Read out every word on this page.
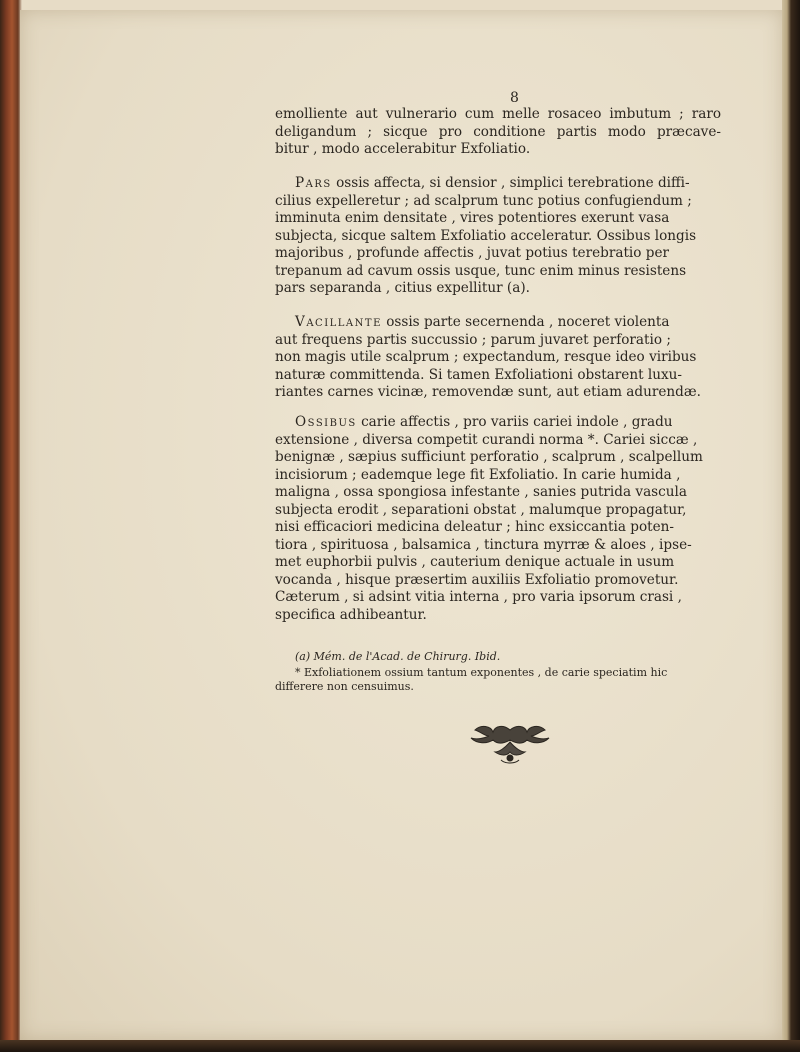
8
emolliente aut vulnerario cum melle rosaceo imbutum ; raro
deligandum ; sicque pro conditione partis modo præcave-
bitur , modo accelerabitur Exfoliatio.
Pars ossis affecta, si densior , simplici terebratione diffi-
cilius expelleretur ; ad scalprum tunc potius confugiendum ;
imminuta enim densitate , vires potentiores exerunt vasa
subjecta, sicque saltem Exfoliatio acceleratur. Ossibus longis
majoribus , profunde affectis , juvat potius terebratio per
trepanum ad cavum ossis usque, tunc enim minus resistens
pars separanda , citius expellitur (a).
Vacillante ossis parte secernenda , noceret violenta
aut frequens partis succussio ; parum juvaret perforatio ;
non magis utile scalprum ; expectandum, resque ideo viribus
naturæ committenda. Si tamen Exfoliationi obstarent luxu-
riantes carnes vicinæ, removendæ sunt, aut etiam adurendæ.
Ossibus carie affectis , pro variis cariei indole , gradu
extensione , diversa competit curandi norma *. Cariei siccæ ,
benignæ , sæpius sufficiunt perforatio , scalprum , scalpellum
incisiorum ; eademque lege fit Exfoliatio. In carie humida ,
maligna , ossa spongiosa infestante , sanies putrida vascula
subjecta erodit , separationi obstat , malumque propagatur,
nisi efficaciori medicina deleatur ; hinc exsiccantia poten-
tiora , spirituosa , balsamica , tinctura myrræ & aloes , ipse-
met euphorbii pulvis , cauterium denique actuale in usum
vocanda , hisque præsertim auxiliis Exfoliatio promovetur.
Cæterum , si adsint vitia interna , pro varia ipsorum crasi ,
specifica adhibeantur.
(a) Mém. de l'Acad. de Chirurg. Ibid.
* Exfoliationem ossium tantum exponentes , de carie speciatim hic
differere non censuimus.
